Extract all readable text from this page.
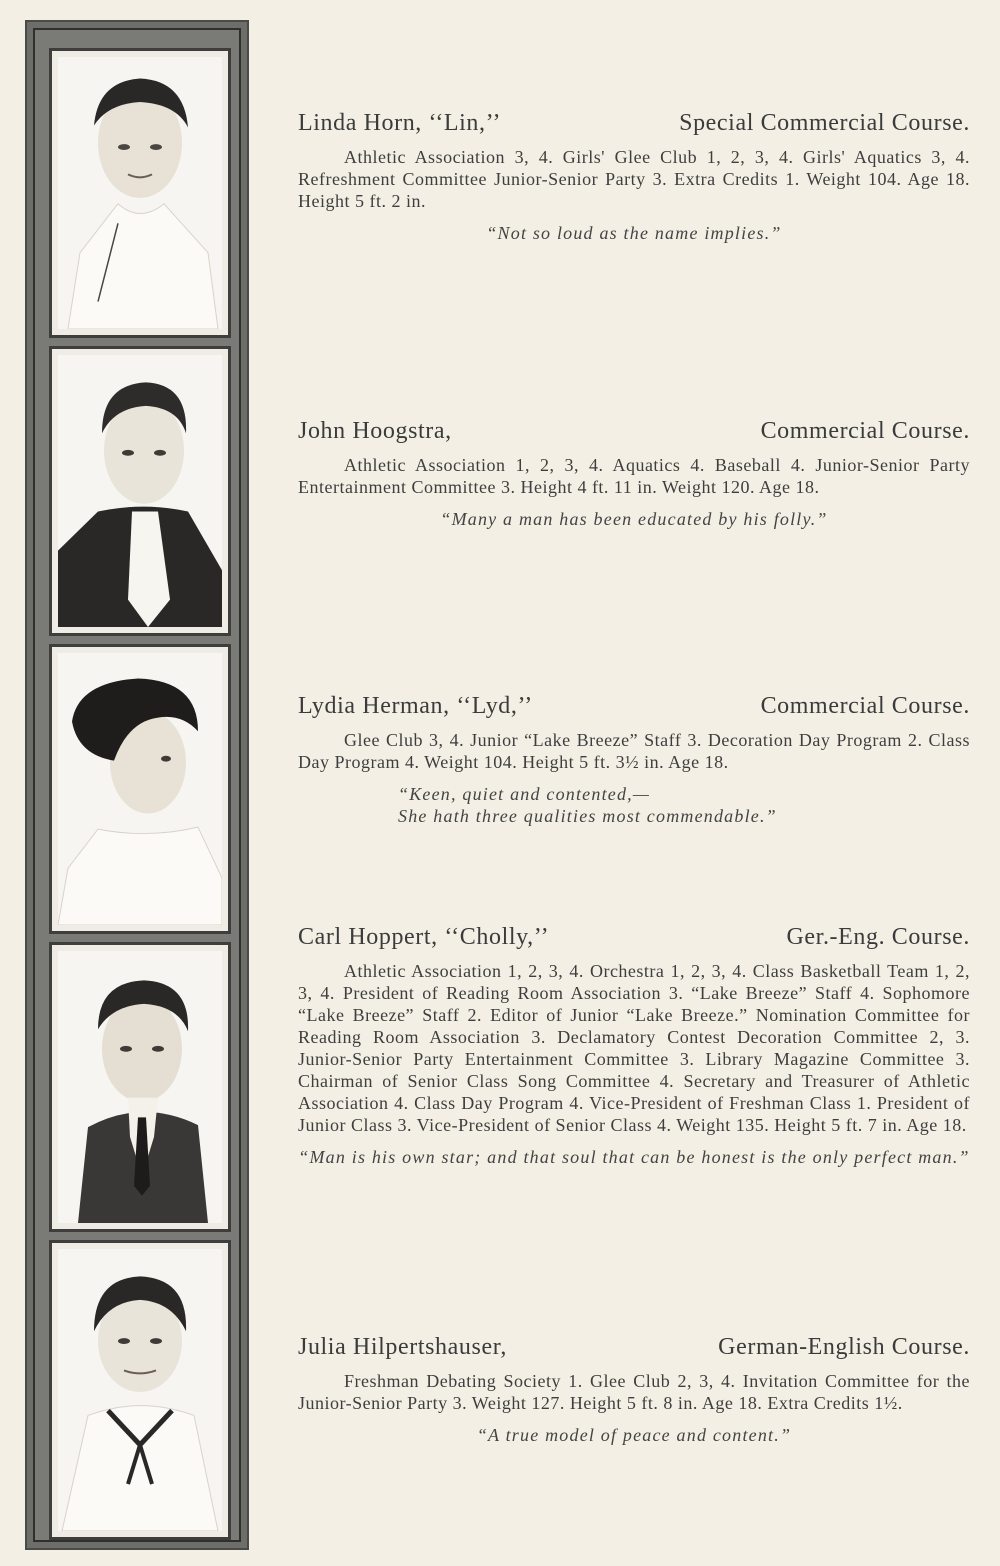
Linda Horn, ‘‘Lin,’’	Special Commercial Course.
Athletic Association 3, 4. Girls' Glee Club 1, 2, 3, 4. Girls' Aquatics 3, 4. Refreshment Committee Junior-Senior Party 3. Extra Credits 1. Weight 104. Age 18. Height 5 ft. 2 in.
“Not so loud as the name implies.”
John Hoogstra,	Commercial Course.
Athletic Association 1, 2, 3, 4. Aquatics 4. Baseball 4. Junior-Senior Party Entertainment Committee 3. Height 4 ft. 11 in. Weight 120. Age 18.
“Many a man has been educated by his folly.”
Lydia Herman, ‘‘Lyd,’’	Commercial Course.
Glee Club 3, 4. Junior “Lake Breeze” Staff 3. Decoration Day Program 2. Class Day Program 4. Weight 104. Height 5 ft. 3½ in. Age 18.
“Keen, quiet and contented,—
She hath three qualities most commendable.”
Carl Hoppert, ‘‘Cholly,’’	Ger.-Eng. Course.
Athletic Association 1, 2, 3, 4. Orchestra 1, 2, 3, 4. Class Basketball Team 1, 2, 3, 4. President of Reading Room Association 3. “Lake Breeze” Staff 4. Sophomore “Lake Breeze” Staff 2. Editor of Junior “Lake Breeze.” Nomination Committee for Reading Room Association 3. Declamatory Contest Decoration Committee 2, 3. Junior-Senior Party Entertainment Committee 3. Library Magazine Committee 3. Chairman of Senior Class Song Committee 4. Secretary and Treasurer of Athletic Association 4. Class Day Program 4. Vice-President of Freshman Class 1. President of Junior Class 3. Vice-President of Senior Class 4. Weight 135. Height 5 ft. 7 in. Age 18.
“Man is his own star; and that soul that can be honest is the only perfect man.”
Julia Hilpertshauser,	German-English Course.
Freshman Debating Society 1. Glee Club 2, 3, 4. Invitation Committee for the Junior-Senior Party 3. Weight 127. Height 5 ft. 8 in. Age 18. Extra Credits 1½.
“A true model of peace and content.”
